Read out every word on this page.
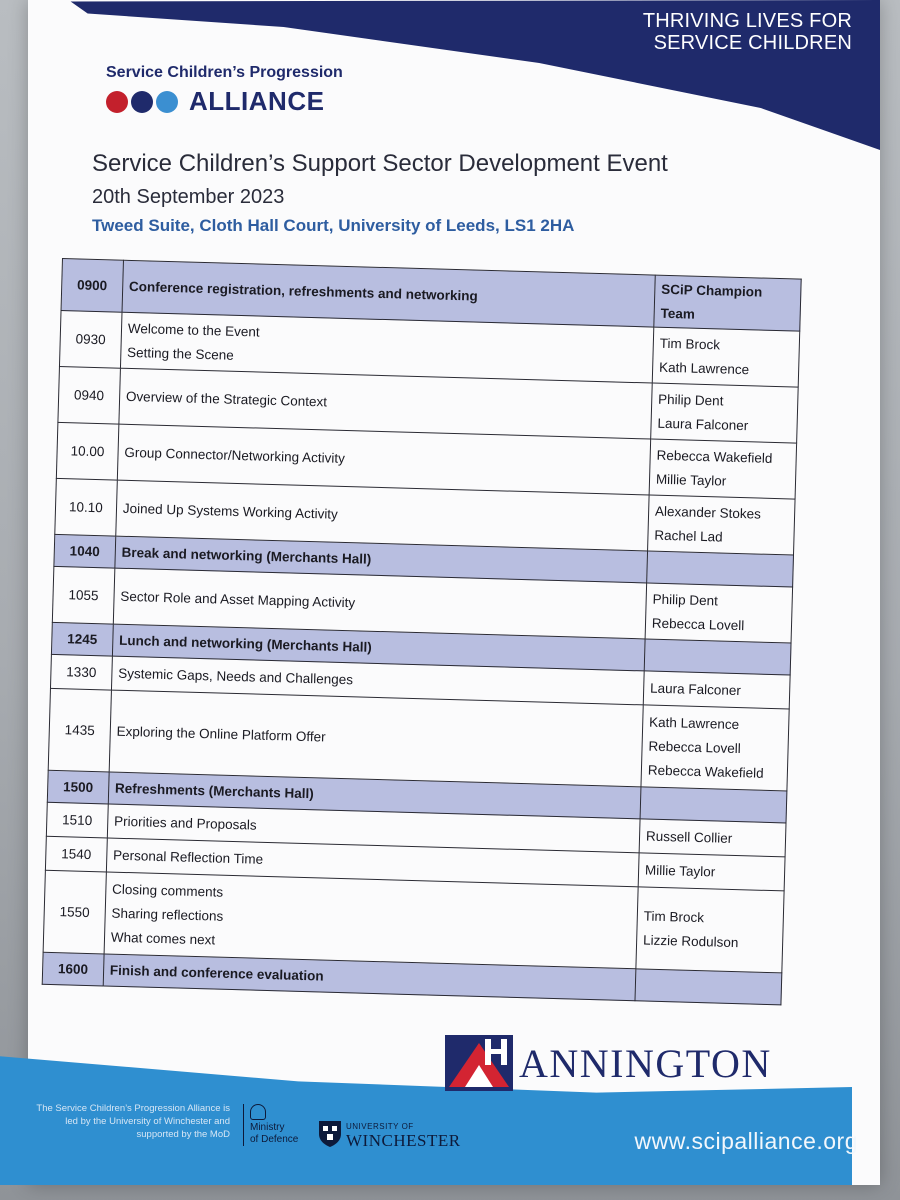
THRIVING LIVES FOR
SERVICE CHILDREN
Service Children’s Progression
ALLIANCE
Service Children’s Support Sector Development Event
20th September 2023
Tweed Suite, Cloth Hall Court, University of Leeds, LS1 2HA
0900	Conference registration, refreshments and networking	SCiP Champion
Team

0930	Welcome to the Event
Setting the Scene	Tim Brock
Kath Lawrence

0940	Overview of the Strategic Context	Philip Dent
Laura Falconer

10.00	Group Connector/Networking Activity	Rebecca Wakefield
Millie Taylor

10.10	Joined Up Systems Working Activity	Alexander Stokes
Rachel Lad

1040	Break and networking (Merchants Hall)	

1055	Sector Role and Asset Mapping Activity	Philip Dent
Rebecca Lovell

1245	Lunch and networking (Merchants Hall)	

1330	Systemic Gaps, Needs and Challenges	Laura Falconer

1435	Exploring the Online Platform Offer	Kath Lawrence
Rebecca Lovell
Rebecca Wakefield

1500	Refreshments (Merchants Hall)	

1510	Priorities and Proposals	Russell Collier

1540	Personal Reflection Time	Millie Taylor

1550	Closing comments
Sharing reflections
What comes next	Tim Brock
Lizzie Rodulson

1600	Finish and conference evaluation	

ANNINGTON
The Service Children’s Progression Alliance is led by the University of Winchester and supported by the MoD
Ministry
of Defence
UNIVERSITY OF
WINCHESTER	www.scipalliance.org
